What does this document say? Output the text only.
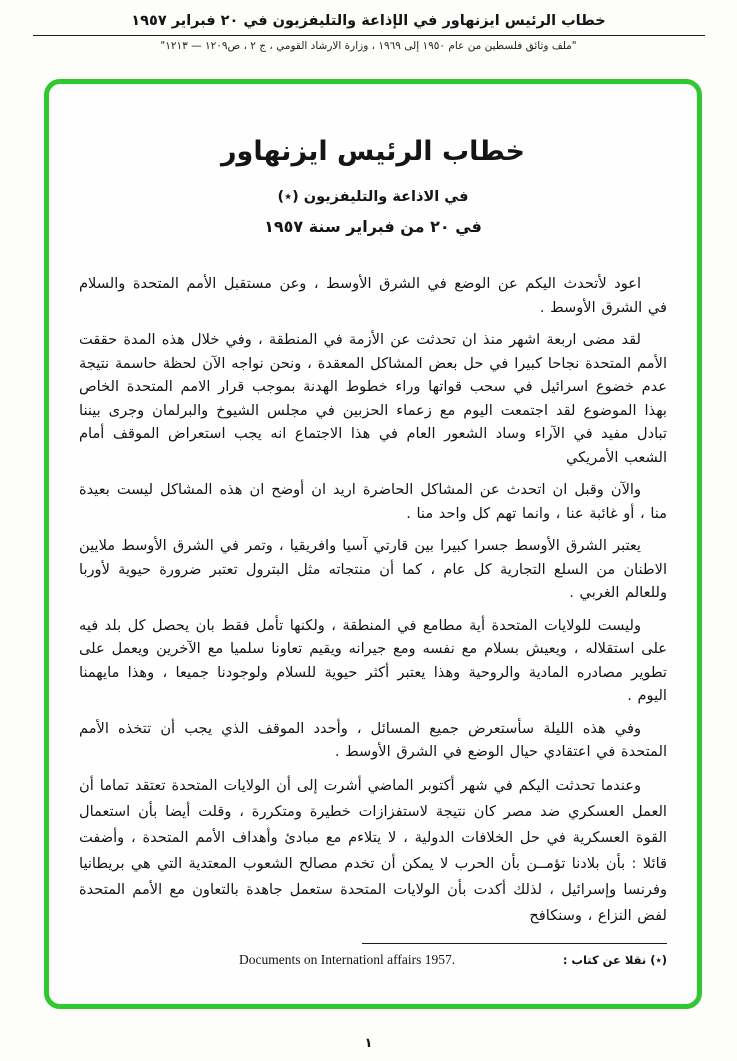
خطاب الرئيس ايزنهاور في الإذاعة والتليفزيون في ٢٠ فبراير ١٩٥٧
"ملف وثائق فلسطين من عام ١٩٥٠ إلى ١٩٦٩ ، وزارة الارشاد القومي ، ج ٢ ، ص١٢٠٩ — ١٢١٣"
خطاب الرئيس ايزنهاور
في الاذاعة والتليفزيون (٭)
في ٢٠ من فبراير سنة ١٩٥٧

اعود لأتحدث اليكم عن الوضع في الشرق الأوسط ، وعن مستقبل الأمم المتحدة والسلام في الشرق الأوسط .

لقد مضى اربعة اشهر منذ ان تحدثت عن الأزمة في المنطقة ، وفي خلال هذه المدة حققت الأمم المتحدة نجاحا كبيرا في حل بعض المشاكل المعقدة ، ونحن نواجه الآن لحظة حاسمة نتيجة عدم خضوع اسرائيل في سحب قواتها وراء خطوط الهدنة بموجب قرار الامم المتحدة الخاص بهذا الموضوع لقد اجتمعت اليوم مع زعماء الحزبين في مجلس الشيوخ والبرلمان وجرى بيننا تبادل مفيد في الآراء وساد الشعور العام في هذا الاجتماع انه يجب استعراض الموقف أمام الشعب الأمريكي

والآن وقبل ان اتحدث عن المشاكل الحاضرة اريد ان أوضح ان هذه المشاكل ليست بعيدة منا ، أو غائبة عنا ، وانما تهم كل واحد منا .

يعتبر الشرق الأوسط جسرا كبيرا بين قارتي آسيا وافريقيا ، وتمر في الشرق الأوسط ملايين الاطنان من السلع التجارية كل عام ، كما أن منتجاته مثل البترول تعتبر ضرورة حيوية لأوربا وللعالم الغربي .

وليست للولايات المتحدة أية مطامع في المنطقة ، ولكنها تأمل فقط بان يحصل كل بلد فيه على استقلاله ، ويعيش بسلام مع نفسه ومع جيرانه ويقيم تعاونا سلميا مع الآخرين ويعمل على تطوير مصادره المادية والروحية وهذا يعتبر أكثر حيوية للسلام ولوجودنا جميعا ، وهذا مايهمنا اليوم .

وفي هذه الليلة سأستعرض جميع المسائل ، وأحدد الموقف الذي يجب أن تتخذه الأمم المتحدة في اعتقادي حيال الوضع في الشرق الأوسط .

وعندما تحدثت اليكم في شهر أكتوبر الماضي أشرت إلى أن الولايات المتحدة تعتقد تماما أن العمل العسكري ضد مصر كان نتيجة لاستفزازات خطيرة ومتكررة ، وقلت أيضا بأن استعمال القوة العسكرية في حل الخلافات الدولية ، لا يتلاءم مع مبادئ وأهداف الأمم المتحدة ، وأضفت قائلا : بأن بلادنا تؤمــن بأن الحرب لا يمكن أن تخدم مصالح الشعوب المعتدية التي هي بريطانيا وفرنسا وإسرائيل ، لذلك أكدت بأن الولايات المتحدة ستعمل جاهدة بالتعاون مع الأمم المتحدة لفض النزاع ، وسنكافح

(٭) نقلا عن كتاب :
Documents on Internationl affairs 1957.
١
